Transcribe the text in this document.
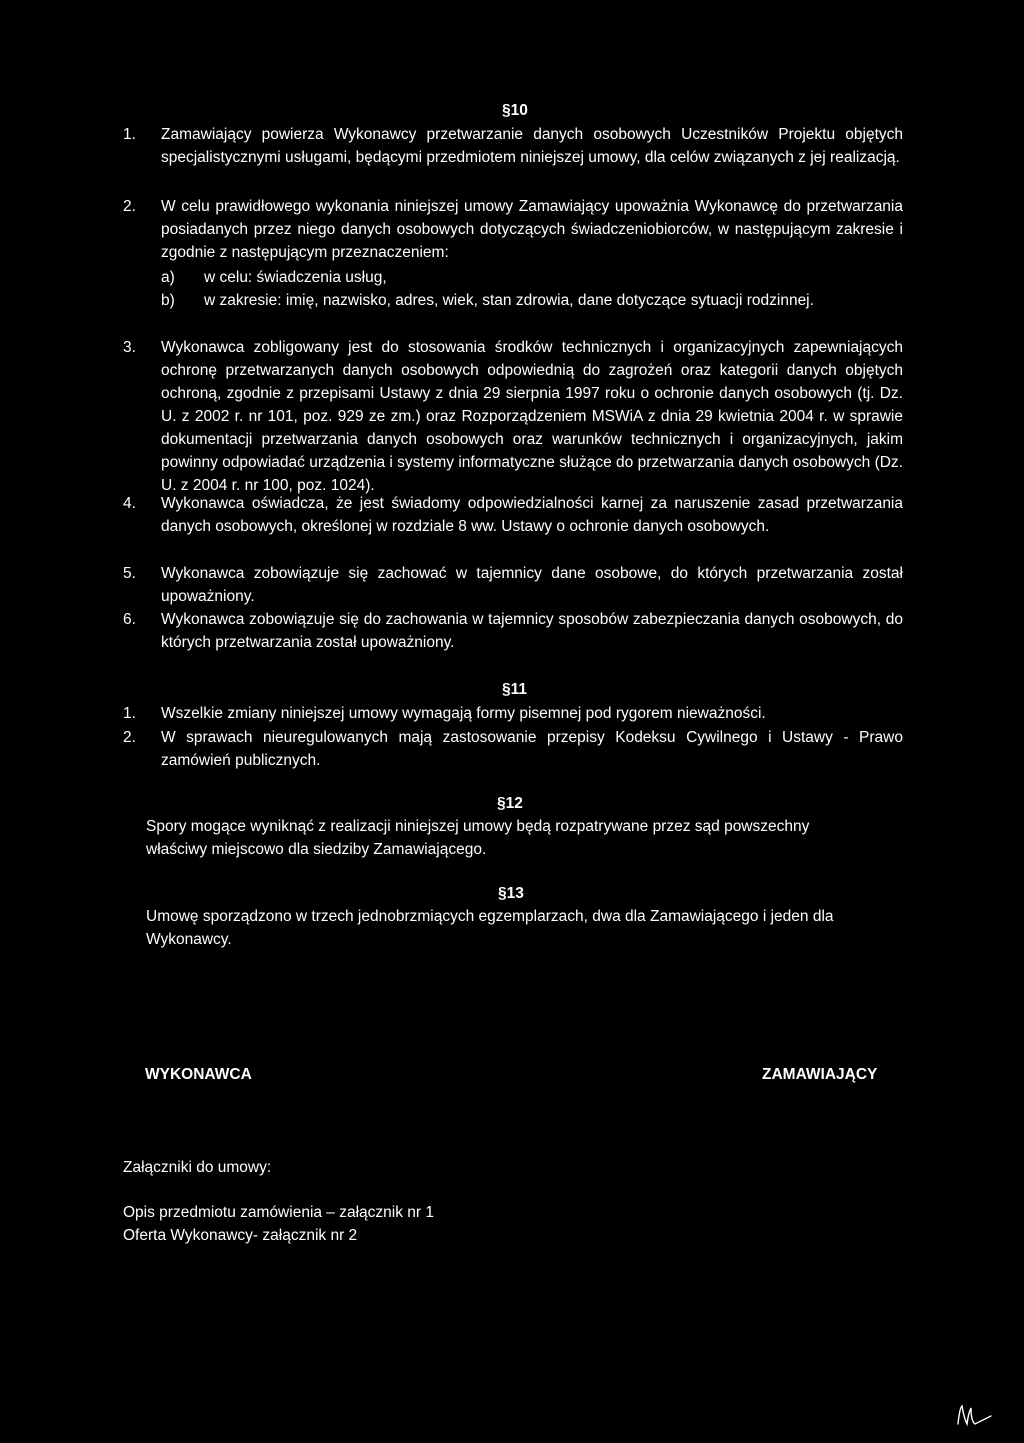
§10
1. Zamawiający powierza Wykonawcy przetwarzanie danych osobowych Uczestników Projektu objętych specjalistycznymi usługami, będącymi przedmiotem niniejszej umowy, dla celów związanych z jej realizacją.
2. W celu prawidłowego wykonania niniejszej umowy Zamawiający upoważnia Wykonawcę do przetwarzania posiadanych przez niego danych osobowych dotyczących świadczeniobiorców, w następującym zakresie i zgodnie z następującym przeznaczeniem:
a) w celu: świadczenia usług,
b) w zakresie: imię, nazwisko, adres, wiek, stan zdrowia, dane dotyczące sytuacji rodzinnej.
3. Wykonawca zobligowany jest do stosowania środków technicznych i organizacyjnych zapewniających ochronę przetwarzanych danych osobowych odpowiednią do zagrożeń oraz kategorii danych objętych ochroną, zgodnie z przepisami Ustawy z dnia 29 sierpnia 1997 roku o ochronie danych osobowych (tj. Dz. U. z 2002 r. nr 101, poz. 929 ze zm.) oraz Rozporządzeniem MSWiA z dnia 29 kwietnia 2004 r. w sprawie dokumentacji przetwarzania danych osobowych oraz warunków technicznych i organizacyjnych, jakim powinny odpowiadać urządzenia i systemy informatyczne służące do przetwarzania danych osobowych (Dz. U. z 2004 r. nr 100, poz. 1024).
4. Wykonawca oświadcza, że jest świadomy odpowiedzialności karnej za naruszenie zasad przetwarzania danych osobowych, określonej w rozdziale 8 ww. Ustawy o ochronie danych osobowych.
5. Wykonawca zobowiązuje się zachować w tajemnicy dane osobowe, do których przetwarzania został upoważniony.
6. Wykonawca zobowiązuje się do zachowania w tajemnicy sposobów zabezpieczania danych osobowych, do których przetwarzania został upoważniony.
§11
1. Wszelkie zmiany niniejszej umowy wymagają formy pisemnej pod rygorem nieważności.
2. W sprawach nieuregulowanych mają zastosowanie przepisy Kodeksu Cywilnego i Ustawy - Prawo zamówień publicznych.
§12
Spory mogące wyniknąć z realizacji niniejszej umowy będą rozpatrywane przez sąd powszechny właściwy miejscowo dla siedziby Zamawiającego.
§13
Umowę sporządzono w trzech jednobrzmiących egzemplarzach, dwa dla Zamawiającego i jeden dla Wykonawcy.
WYKONAWCA	ZAMAWIAJĄCY
Załączniki do umowy:
Opis przedmiotu zamówienia – załącznik nr 1
Oferta Wykonawcy- załącznik nr 2
